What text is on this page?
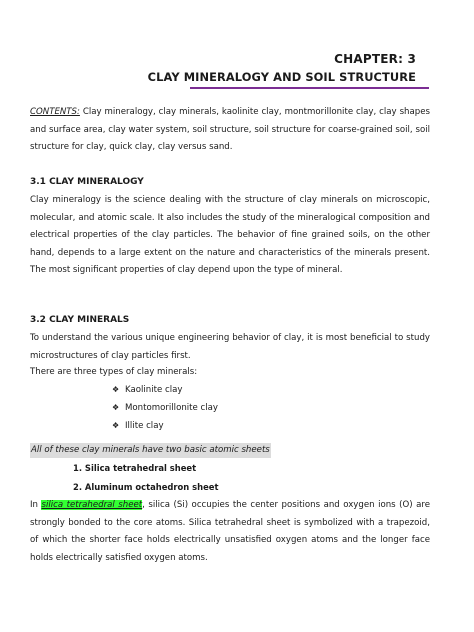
CHAPTER: 3
CLAY MINERALOGY AND SOIL STRUCTURE

CONTENTS: Clay mineralogy, clay minerals, kaolinite clay, montmorillonite clay, clay shapes and surface area, clay water system, soil structure, soil structure for coarse-grained soil, soil structure for clay, quick clay, clay versus sand.

3.1 CLAY MINERALOGY

Clay mineralogy is the science dealing with the structure of clay minerals on microscopic, molecular, and atomic scale. It also includes the study of the mineralogical composition and electrical properties of the clay particles. The behavior of fine grained soils, on the other hand, depends to a large extent on the nature and characteristics of the minerals present. The most significant properties of clay depend upon the type of mineral.

3.2 CLAY MINERALS

To understand the various unique engineering behavior of clay, it is most beneficial to study microstructures of clay particles first.

There are three types of clay minerals:

❖ Kaolinite clay
❖ Montomorillonite clay
❖ Illite clay
All of these clay minerals have two basic atomic sheets
1. Silica tetrahedral sheet
2. Aluminum octahedron sheet

In silica tetrahedral sheet, silica (Si) occupies the center positions and oxygen ions (O) are strongly bonded to the core atoms. Silica tetrahedral sheet is symbolized with a trapezoid, of which the shorter face holds electrically unsatisfied oxygen atoms and the longer face holds electrically satisfied oxygen atoms.
